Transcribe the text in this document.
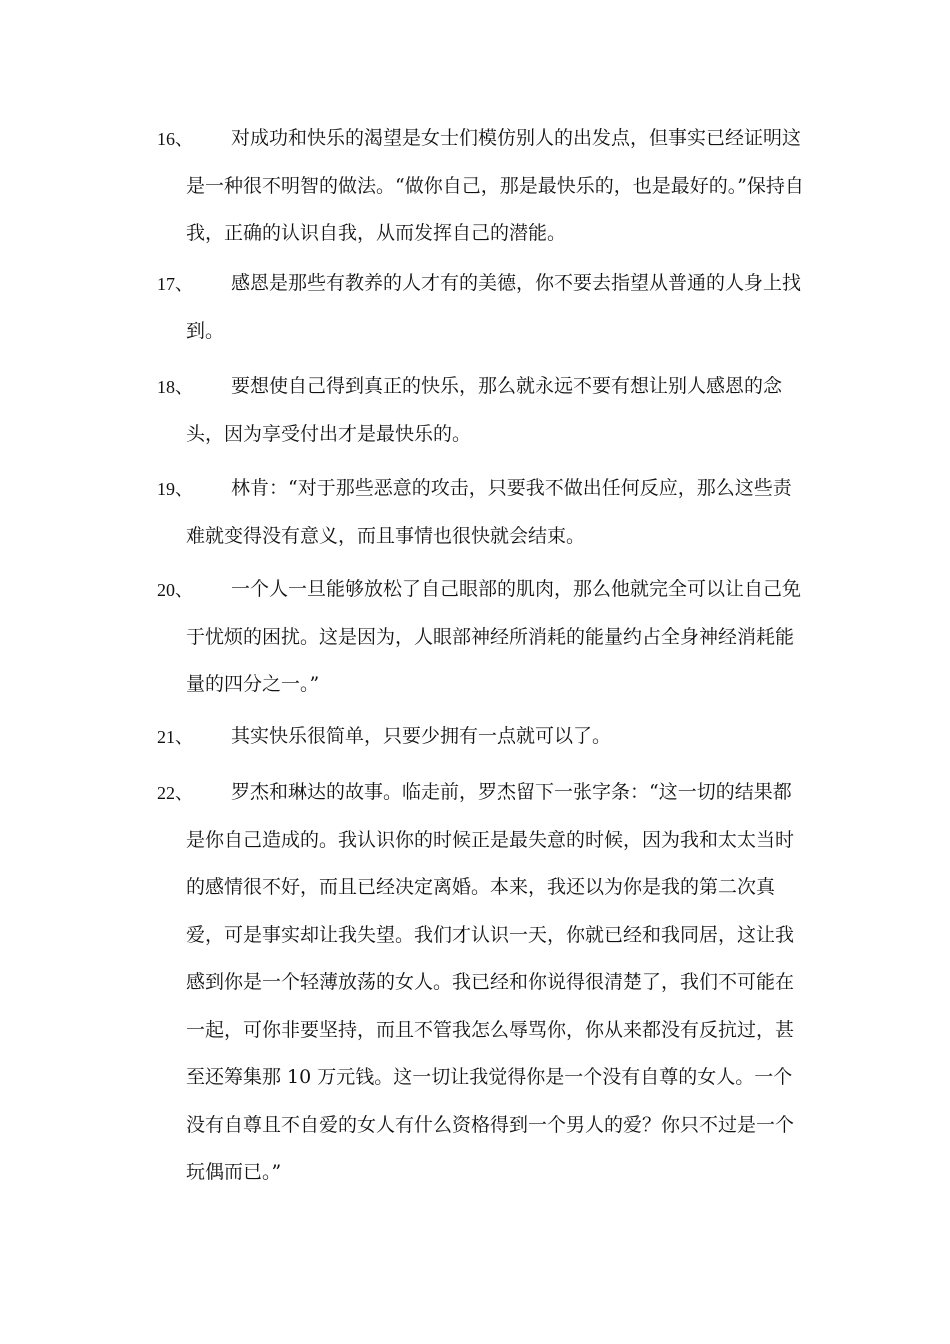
16、	对成功和快乐的渴望是女士们模仿别人的出发点，但事实已经证明这是一种很不明智的做法。“做你自己，那是最快乐的，也是最好的。”保持自我，正确的认识自我，从而发挥自己的潜能。
17、	感恩是那些有教养的人才有的美德，你不要去指望从普通的人身上找到。
18、	要想使自己得到真正的快乐，那么就永远不要有想让别人感恩的念头，因为享受付出才是最快乐的。
19、	林肯：“对于那些恶意的攻击，只要我不做出任何反应，那么这些责难就变得没有意义，而且事情也很快就会结束。
20、	一个人一旦能够放松了自己眼部的肌肉，那么他就完全可以让自己免于忧烦的困扰。这是因为，人眼部神经所消耗的能量约占全身神经消耗能量的四分之一。”
21、	其实快乐很简单，只要少拥有一点就可以了。
22、	罗杰和琳达的故事。临走前，罗杰留下一张字条：“这一切的结果都是你自己造成的。我认识你的时候正是最失意的时候，因为我和太太当时的感情很不好，而且已经决定离婚。本来，我还以为你是我的第二次真爱，可是事实却让我失望。我们才认识一天，你就已经和我同居，这让我感到你是一个轻薄放荡的女人。我已经和你说得很清楚了，我们不可能在一起，可你非要坚持，而且不管我怎么辱骂你，你从来都没有反抗过，甚至还筹集那 10 万元钱。这一切让我觉得你是一个没有自尊的女人。一个没有自尊且不自爱的女人有什么资格得到一个男人的爱？你只不过是一个玩偶而已。”
